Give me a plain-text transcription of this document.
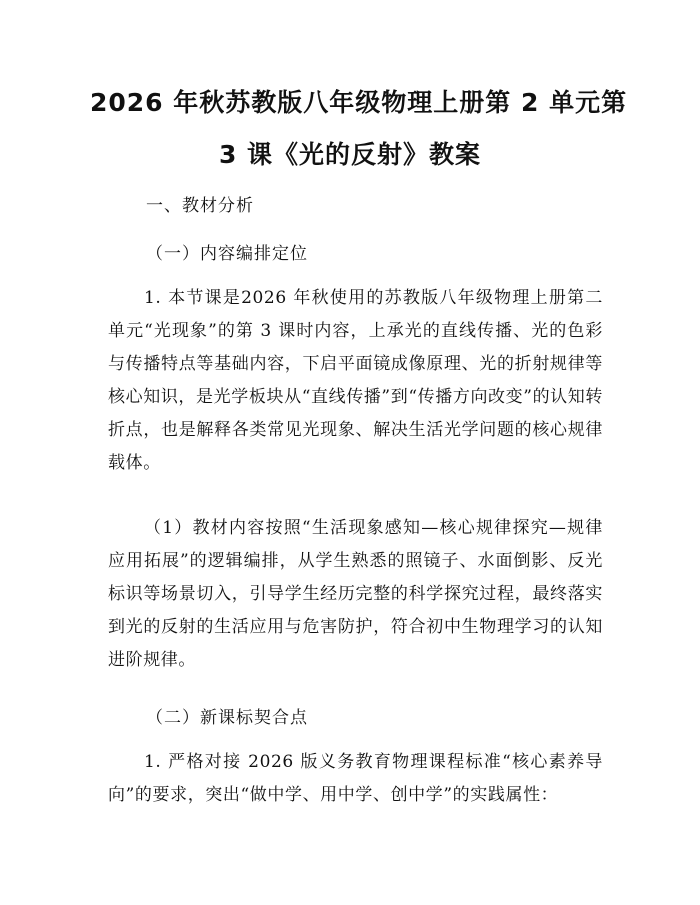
2026 年秋苏教版八年级物理上册第 2 单元第
3 课《光的反射》教案
一、教材分析
（一）内容编排定位
1. 本节课是2026 年秋使用的苏教版八年级物理上册第二单元“光现象”的第 3 课时内容，上承光的直线传播、光的色彩与传播特点等基础内容，下启平面镜成像原理、光的折射规律等核心知识，是光学板块从“直线传播”到“传播方向改变”的认知转折点，也是解释各类常见光现象、解决生活光学问题的核心规律载体。
（1）教材内容按照“生活现象感知—核心规律探究—规律应用拓展”的逻辑编排，从学生熟悉的照镜子、水面倒影、反光标识等场景切入，引导学生经历完整的科学探究过程，最终落实到光的反射的生活应用与危害防护，符合初中生物理学习的认知进阶规律。
（二）新课标契合点
1. 严格对接 2026 版义务教育物理课程标准“核心素养导向”的要求，突出“做中学、用中学、创中学”的实践属性：
